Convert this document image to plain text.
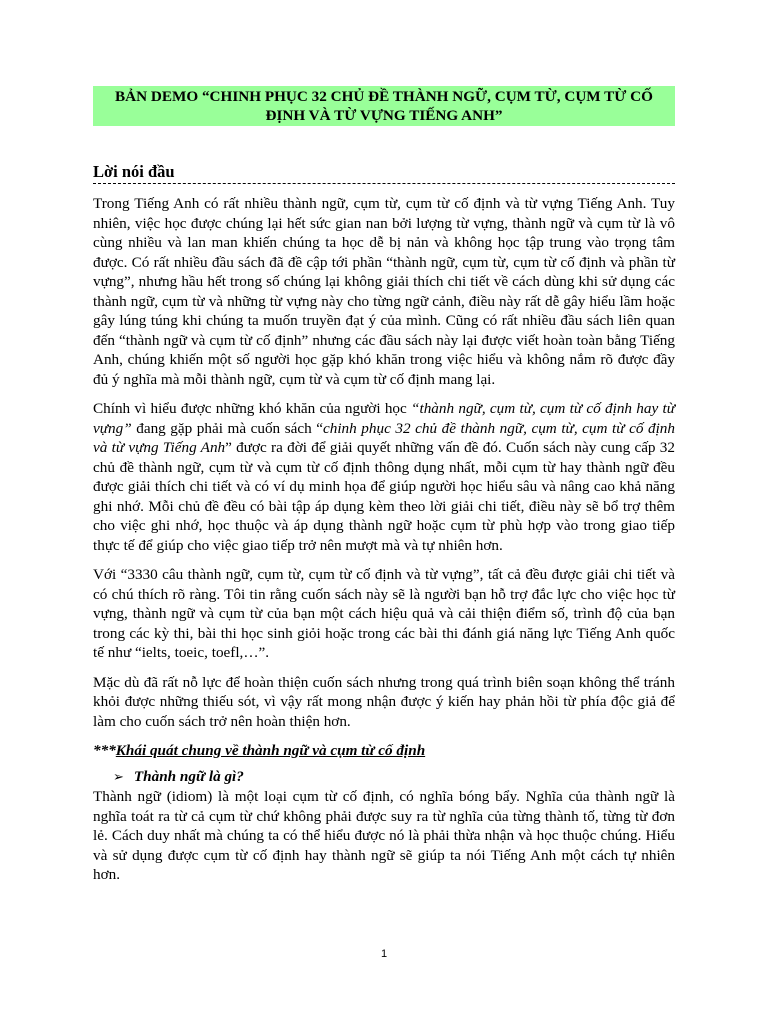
BẢN DEMO “CHINH PHỤC 32 CHỦ ĐỀ THÀNH NGỮ, CỤM TỪ, CỤM TỪ CỐ ĐỊNH VÀ TỪ VỰNG TIẾNG ANH”
Lời nói đầu

Trong Tiếng Anh có rất nhiều thành ngữ, cụm từ, cụm từ cố định và từ vựng Tiếng Anh. Tuy nhiên, việc học được chúng lại hết sức gian nan bởi lượng từ vựng, thành ngữ và cụm từ là vô cùng nhiều và lan man khiến chúng ta học dễ bị nản và không học tập trung vào trọng tâm được. Có rất nhiều đầu sách đã đề cập tới phần “thành ngữ, cụm từ, cụm từ cố định và phần từ vựng”, nhưng hầu hết trong số chúng lại không giải thích chi tiết về cách dùng khi sử dụng các thành ngữ, cụm từ và những từ vựng này cho từng ngữ cảnh, điều này rất dễ gây hiểu lầm hoặc gây lúng túng khi chúng ta muốn truyền đạt ý của mình. Cũng có rất nhiều đầu sách liên quan đến “thành ngữ và cụm từ cố định” nhưng các đầu sách này lại được viết hoàn toàn bằng Tiếng Anh, chúng khiến một số người học gặp khó khăn trong việc hiểu và không nắm rõ được đầy đủ ý nghĩa mà mỗi thành ngữ, cụm từ và cụm từ cố định mang lại.

Chính vì hiểu được những khó khăn của người học “thành ngữ, cụm từ, cụm từ cố định hay từ vựng” đang gặp phải mà cuốn sách “chinh phục 32 chủ đề thành ngữ, cụm từ, cụm từ cố định và từ vựng Tiếng Anh” được ra đời để giải quyết những vấn đề đó. Cuốn sách này cung cấp 32 chủ đề thành ngữ, cụm từ và cụm từ cố định thông dụng nhất, mỗi cụm từ hay thành ngữ đều được giải thích chi tiết và có ví dụ minh họa để giúp người học hiểu sâu và nâng cao khả năng ghi nhớ. Mỗi chủ đề đều có bài tập áp dụng kèm theo lời giải chi tiết, điều này sẽ bổ trợ thêm cho việc ghi nhớ, học thuộc và áp dụng thành ngữ hoặc cụm từ phù hợp vào trong giao tiếp thực tế để giúp cho việc giao tiếp trở nên mượt mà và tự nhiên hơn.

Với “3330 câu thành ngữ, cụm từ, cụm từ cố định và từ vựng”, tất cả đều được giải chi tiết và có chú thích rõ ràng. Tôi tin rằng cuốn sách này sẽ là người bạn hỗ trợ đắc lực cho việc học từ vựng, thành ngữ và cụm từ của bạn một cách hiệu quả và cải thiện điểm số, trình độ của bạn trong các kỳ thi, bài thi học sinh giỏi hoặc trong các bài thi đánh giá năng lực Tiếng Anh quốc tế như “ielts, toeic, toefl,…”.

Mặc dù đã rất nỗ lực để hoàn thiện cuốn sách nhưng trong quá trình biên soạn không thể tránh khỏi được những thiếu sót, vì vậy rất mong nhận được ý kiến hay phản hồi từ phía độc giả để làm cho cuốn sách trở nên hoàn thiện hơn.

***Khái quát chung về thành ngữ và cụm từ cố định
➢ Thành ngữ là gì?

Thành ngữ (idiom) là một loại cụm từ cố định, có nghĩa bóng bẩy. Nghĩa của thành ngữ là nghĩa toát ra từ cả cụm từ chứ không phải được suy ra từ nghĩa của từng thành tố, từng từ đơn lẻ. Cách duy nhất mà chúng ta có thể hiểu được nó là phải thừa nhận và học thuộc chúng. Hiểu và sử dụng được cụm từ cố định hay thành ngữ sẽ giúp ta nói Tiếng Anh một cách tự nhiên hơn.

1
